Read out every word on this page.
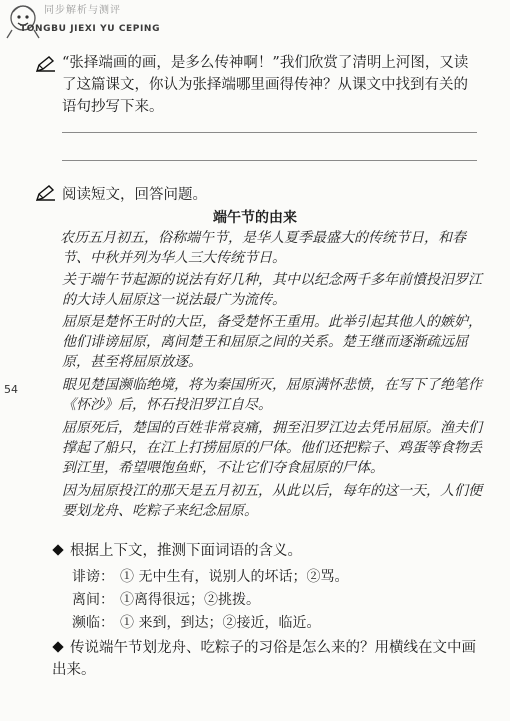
同步解析与测评
TONGBU JIEXI YU CEPING
“张择端画的画，是多么传神啊！”我们欣赏了清明上河图，又读了这篇课文，你认为张择端哪里画得传神？从课文中找到有关的语句抄写下来。
阅读短文，回答问题。
端午节的由来
农历五月初五，俗称端午节，是华人夏季最盛大的传统节日，和春节、中秋并列为华人三大传统节日。
关于端午节起源的说法有好几种，其中以纪念两千多年前憤投汨罗江的大诗人屈原这一说法最广为流传。
屈原是楚怀王时的大臣，备受楚怀王重用。此举引起其他人的嫉妒，他们诽谤屈原，离间楚王和屈原之间的关系。楚王继而逐渐疏远屈原，甚至将屈原放逐。
眼见楚国濒临绝境，将为秦国所灭，屈原满怀悲愤，在写下了绝笔作《怀沙》后，怀石投汨罗江自尽。
屈原死后，楚国的百姓非常哀痛，拥至汨罗江边去凭吊屈原。渔夫们撑起了船只，在江上打捞屈原的尸体。他们还把粽子、鸡蛋等食物丢到江里，希望喂饱鱼虾，不让它们夺食屈原的尸体。
因为屈原投江的那天是五月初五，从此以后，每年的这一天，人们便要划龙舟、吃粽子来纪念屈原。
54
根据上下文，推测下面词语的含义。
诽谤： ① 无中生有，说别人的坏话；②骂。
离间： ①离得很远；②挑拨。
濒临： ① 来到，到达；②接近，临近。
传说端午节划龙舟、吃粽子的习俗是怎么来的？用横线在文中画出来。
